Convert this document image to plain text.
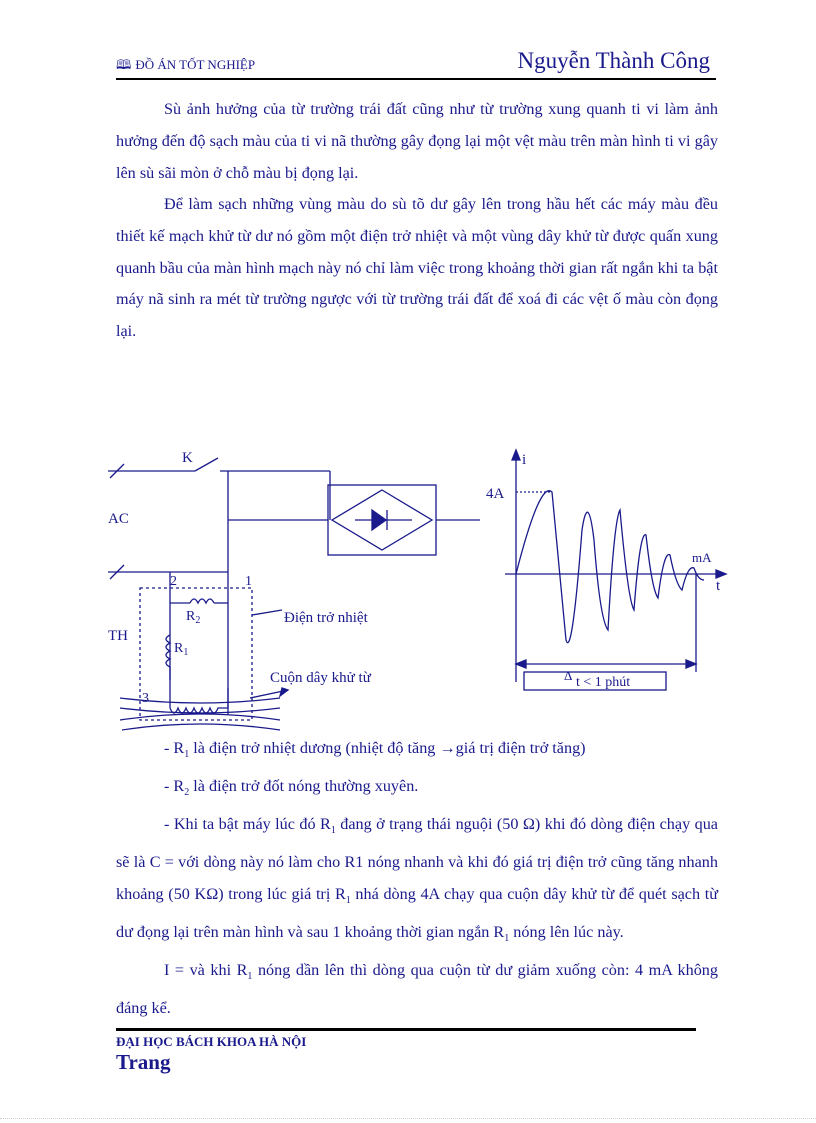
🕮 ĐỒ ÁN TỐT NGHIỆP	Nguyễn Thành Công

Sù ảnh hưởng của từ trường trái đất cũng như từ trường xung quanh ti vi làm ảnh hưởng đến độ sạch màu của ti vi nã thường gây đọng lại một vệt màu trên màn hình ti vi gây lên sù sãi mòn ở chỗ màu bị đọng lại.

Để làm sạch những vùng màu do sù tõ dư gây lên trong hầu hết các máy màu đều thiết kế mạch khử từ dư nó gồm một điện trở nhiệt và một vùng dây khử từ được quấn xung quanh bầu của màn hình mạch này nó chỉ làm việc trong khoảng thời gian rất ngắn khi ta bật máy nã sinh ra mét từ trường ngược với từ trường trái đất để xoá đi các vệt ố màu còn đọng lại.

K
AC
TH
2	1
3
$R_2$
$R_1$
Điện trở nhiệt
Cuộn dây khử từ
i
4A
mA
t
Δ t < 1 phút

- $R_1$ là điện trở nhiệt dương (nhiệt độ tăng →giá trị điện trở tăng)

- $R_2$ là điện trở đốt nóng thường xuyên.

- Khi ta bật máy lúc đó $R_1$ đang ở trạng thái nguội (50 Ω) khi đó dòng điện chạy qua sẽ là C = với dòng này nó làm cho R1 nóng nhanh và khi đó giá trị điện trở cũng tăng nhanh khoảng (50 KΩ) trong lúc giá trị $R_1$ nhá dòng 4A chạy qua cuộn dây khử từ để quét sạch từ dư đọng lại trên màn hình và sau 1 khoảng thời gian ngắn $R_1$ nóng lên lúc này.

I = và khi $R_1$ nóng dần lên thì dòng qua cuộn từ dư giảm xuống còn: 4 mA không đáng kể.

ĐẠI HỌC BÁCH KHOA HÀ NỘI
Trang
